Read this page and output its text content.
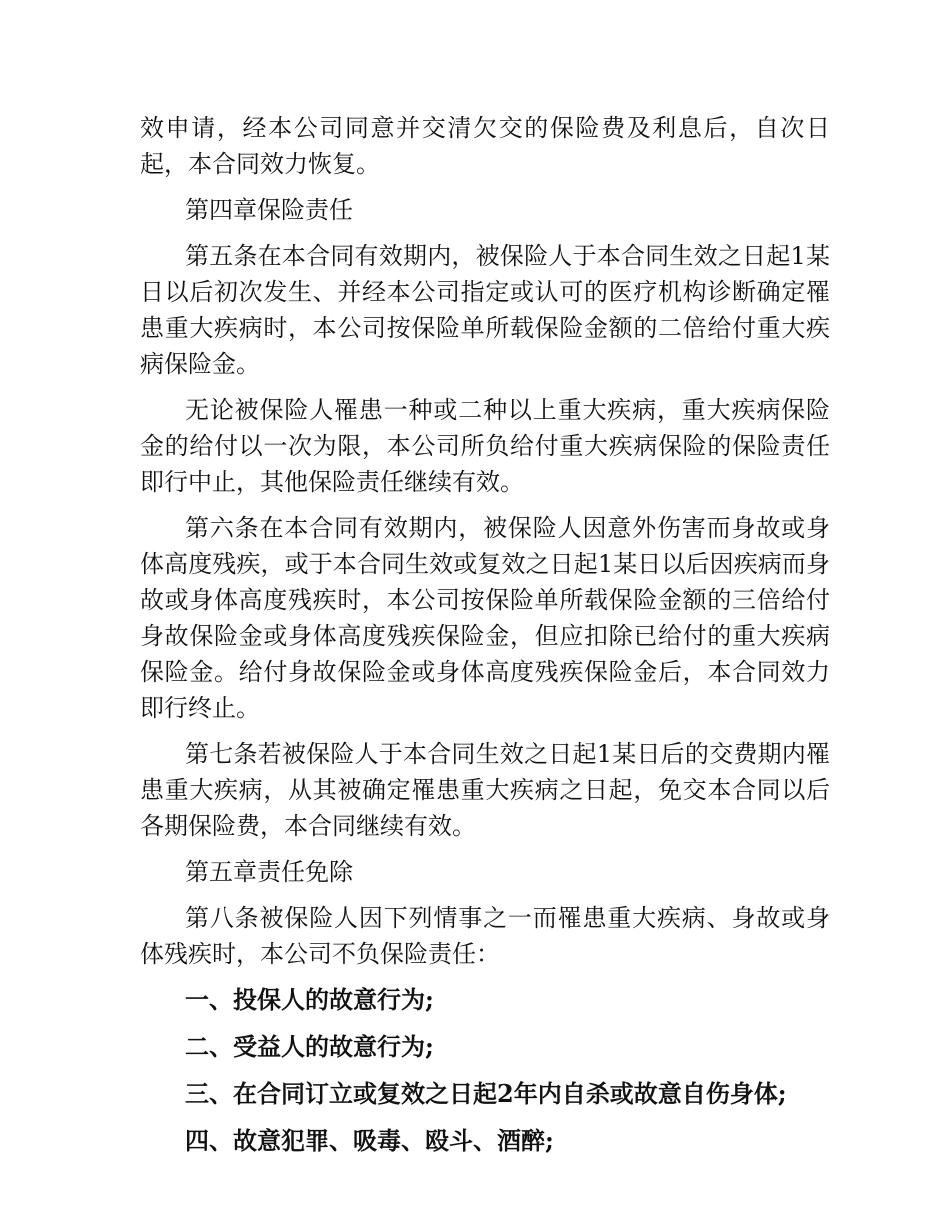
效申请，经本公司同意并交清欠交的保险费及利息后，自次日起，本合同效力恢复。

第四章保险责任

第五条在本合同有效期内，被保险人于本合同生效之日起1某日以后初次发生、并经本公司指定或认可的医疗机构诊断确定罹患重大疾病时，本公司按保险单所载保险金额的二倍给付重大疾病保险金。

无论被保险人罹患一种或二种以上重大疾病，重大疾病保险金的给付以一次为限，本公司所负给付重大疾病保险的保险责任即行中止，其他保险责任继续有效。

第六条在本合同有效期内，被保险人因意外伤害而身故或身体高度残疾，或于本合同生效或复效之日起1某日以后因疾病而身故或身体高度残疾时，本公司按保险单所载保险金额的三倍给付身故保险金或身体高度残疾保险金，但应扣除已给付的重大疾病保险金。给付身故保险金或身体高度残疾保险金后，本合同效力即行终止。

第七条若被保险人于本合同生效之日起1某日后的交费期内罹患重大疾病，从其被确定罹患重大疾病之日起，免交本合同以后各期保险费，本合同继续有效。

第五章责任免除

第八条被保险人因下列情事之一而罹患重大疾病、身故或身体残疾时，本公司不负保险责任：

一、投保人的故意行为;

二、受益人的故意行为;

三、在合同订立或复效之日起2年内自杀或故意自伤身体;

四、故意犯罪、吸毒、殴斗、酒醉;
